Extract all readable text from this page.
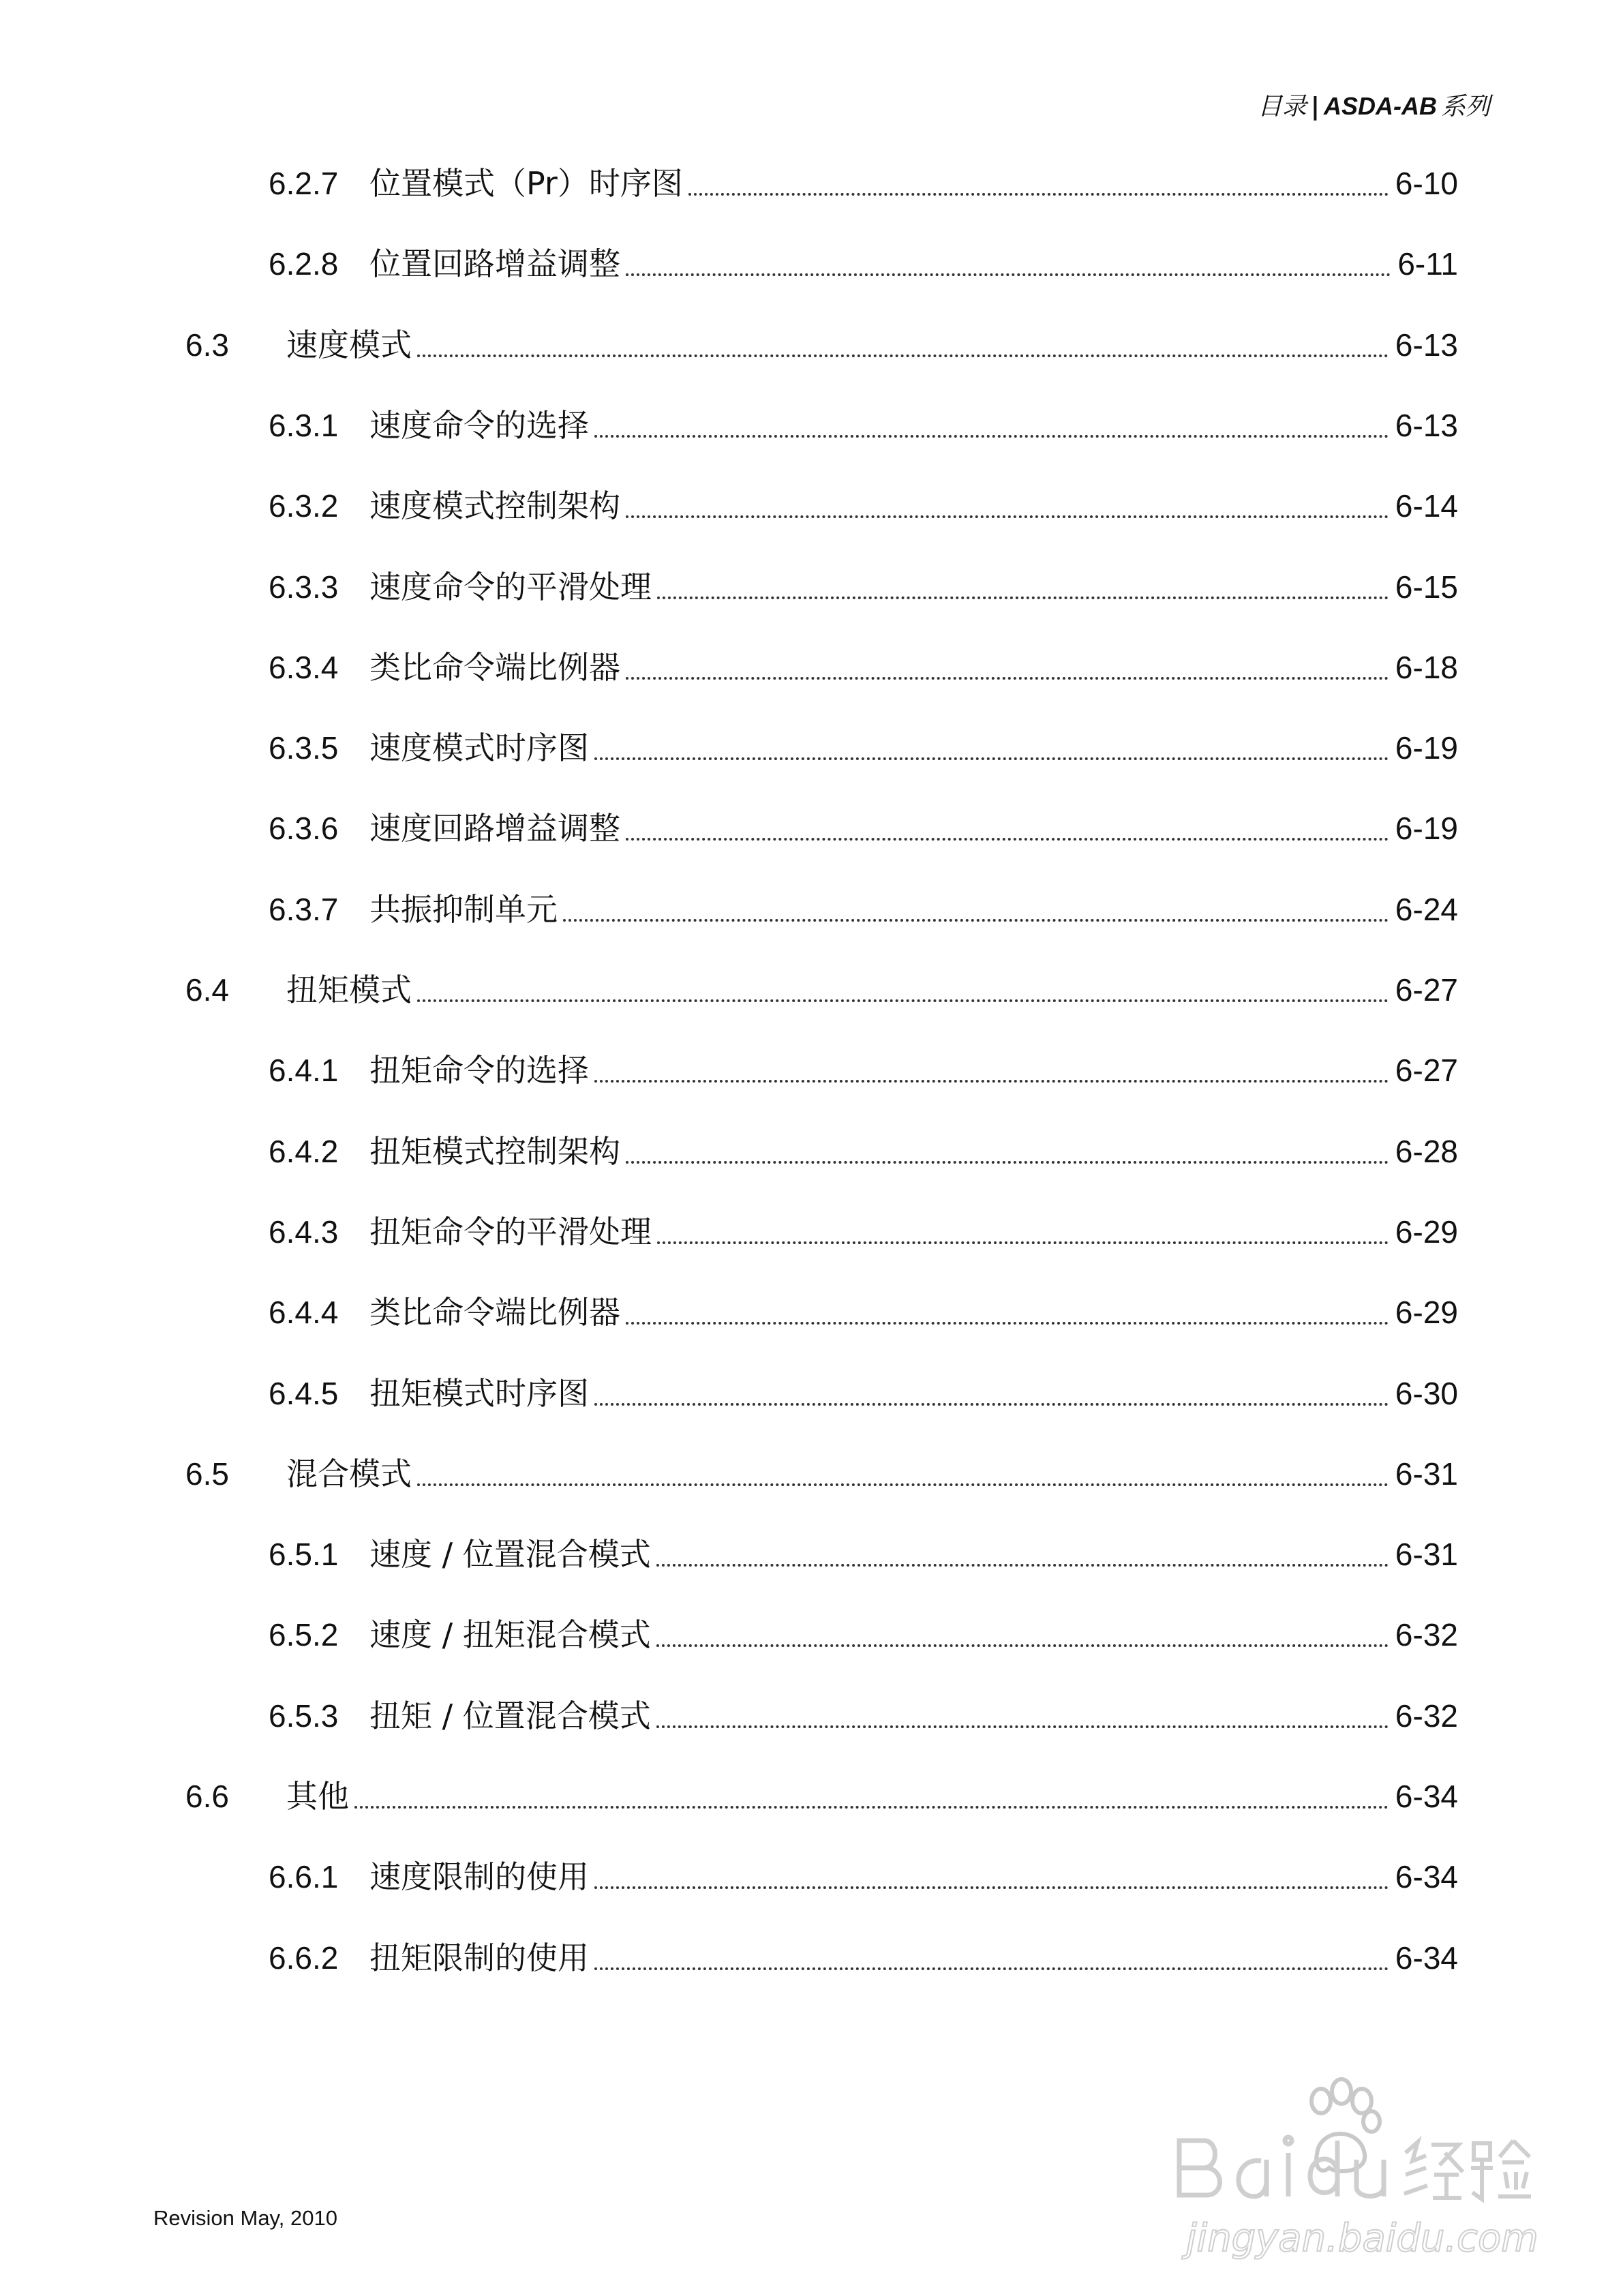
目录 | ASDA-AB 系列
6.2.7 位置模式（Pr）时序图	6-10
6.2.8 位置回路增益调整	6-11
6.3	速度模式	6-13
6.3.1 速度命令的选择	6-13
6.3.2 速度模式控制架构	6-14
6.3.3 速度命令的平滑处理	6-15
6.3.4 类比命令端比例器	6-18
6.3.5 速度模式时序图	6-19
6.3.6 速度回路增益调整	6-19
6.3.7 共振抑制单元	6-24
6.4	扭矩模式	6-27
6.4.1 扭矩命令的选择	6-27
6.4.2 扭矩模式控制架构	6-28
6.4.3 扭矩命令的平滑处理	6-29
6.4.4 类比命令端比例器	6-29
6.4.5 扭矩模式时序图	6-30
6.5	混合模式	6-31
6.5.1 速度 / 位置混合模式	6-31
6.5.2 速度 / 扭矩混合模式	6-32
6.5.3 扭矩 / 位置混合模式	6-32
6.6	其他	6-34
6.6.1 速度限制的使用	6-34
6.6.2 扭矩限制的使用	6-34
Revision May, 2010	jingyan.baidu.com
